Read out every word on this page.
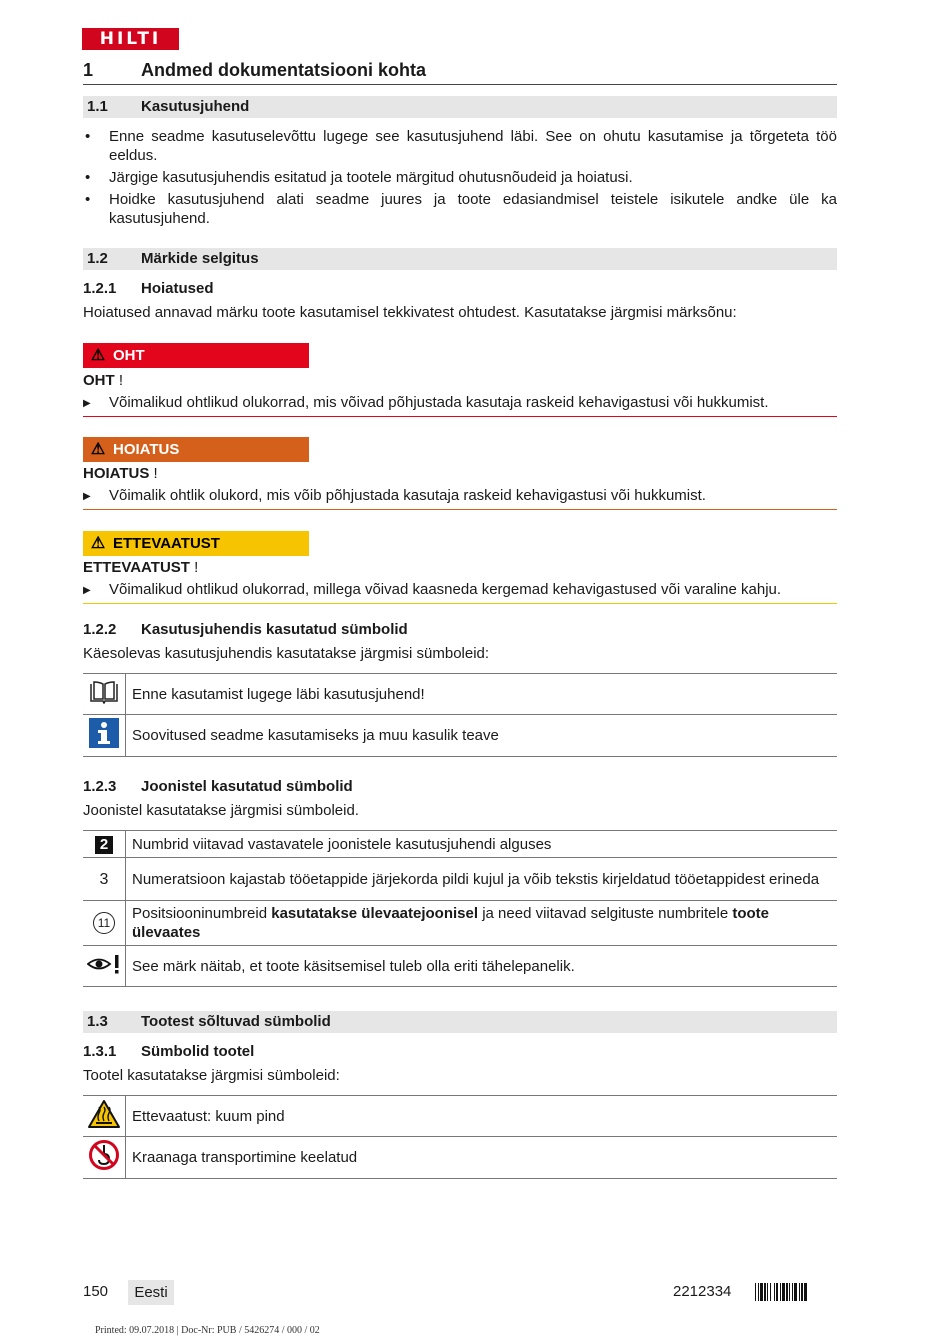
HILTI
1	Andmed dokumentatsiooni kohta
1.1 Kasutusjuhend
• Enne seadme kasutuselevõttu lugege see kasutusjuhend läbi. See on ohutu kasutamise ja tõrgeteta töö eeldus.
• Järgige kasutusjuhendis esitatud ja tootele märgitud ohutusnõudeid ja hoiatusi.
• Hoidke kasutusjuhend alati seadme juures ja toote edasiandmisel teistele isikutele andke üle ka kasutusjuhend.
1.2 Märkide selgitus
1.2.1 Hoiatused
Hoiatused annavad märku toote kasutamisel tekkivatest ohtudest. Kasutatakse järgmisi märksõnu:
⚠ OHT
OHT !
▶ Võimalikud ohtlikud olukorrad, mis võivad põhjustada kasutaja raskeid kehavigastusi või hukkumist.
⚠ HOIATUS
HOIATUS !
▶ Võimalik ohtlik olukord, mis võib põhjustada kasutaja raskeid kehavigastusi või hukkumist.
⚠ ETTEVAATUST
ETTEVAATUST !
▶ Võimalikud ohtlikud olukorrad, millega võivad kaasneda kergemad kehavigastused või varaline kahju.
1.2.2 Kasutusjuhendis kasutatud sümbolid
Käesolevas kasutusjuhendis kasutatakse järgmisi sümboleid:
	Enne kasutamist lugege läbi kasutusjuhend!
	Soovitused seadme kasutamiseks ja muu kasulik teave
1.2.3 Joonistel kasutatud sümbolid
Joonistel kasutatakse järgmisi sümboleid.
2	Numbrid viitavad vastavatele joonistele kasutusjuhendi alguses
3	Numeratsioon kajastab tööetappide järjekorda pildi kujul ja võib tekstis kirjeldatud tööetappidest erineda
11	Positsiooninumbreid kasutatakse ülevaatejoonisel ja need viitavad selgituste numbritele toote ülevaates
	See märk näitab, et toote käsitsemisel tuleb olla eriti tähelepanelik.
1.3 Tootest sõltuvad sümbolid
1.3.1 Sümbolid tootel
Tootel kasutatakse järgmisi sümboleid:
	Ettevaatust: kuum pind
	Kraanaga transportimine keelatud
150	Eesti	2212334
Printed: 09.07.2018 | Doc-Nr: PUB / 5426274 / 000 / 02
